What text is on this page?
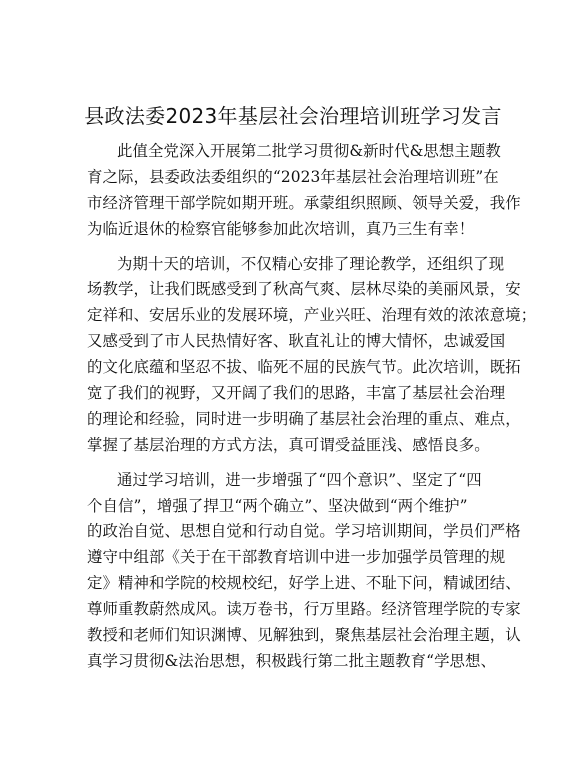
县政法委2023年基层社会治理培训班学习发言
此值全党深入开展第二批学习贯彻&新时代&思想主题教
育之际，县委政法委组织的“2023年基层社会治理培训班”在
市经济管理干部学院如期开班。承蒙组织照顾、领导关爱，我作
为临近退休的检察官能够参加此次培训，真乃三生有幸！
为期十天的培训，不仅精心安排了理论教学，还组织了现
场教学，让我们既感受到了秋高气爽、层林尽染的美丽风景，安
定祥和、安居乐业的发展环境，产业兴旺、治理有效的浓浓意境；
又感受到了市人民热情好客、耿直礼让的博大情怀，忠诚爱国
的文化底蕴和坚忍不拔、临死不屈的民族气节。此次培训，既拓
宽了我们的视野，又开阔了我们的思路，丰富了基层社会治理
的理论和经验，同时进一步明确了基层社会治理的重点、难点，
掌握了基层治理的方式方法，真可谓受益匪浅、感悟良多。
通过学习培训，进一步增强了“四个意识”、坚定了“四
个自信”，增强了捍卫“两个确立”、坚决做到“两个维护”
的政治自觉、思想自觉和行动自觉。学习培训期间，学员们严格
遵守中组部《关于在干部教育培训中进一步加强学员管理的规
定》精神和学院的校规校纪，好学上进、不耻下问，精诚团结、
尊师重教蔚然成风。读万卷书，行万里路。经济管理学院的专家
教授和老师们知识渊博、见解独到，聚焦基层社会治理主题，认
真学习贯彻&法治思想，积极践行第二批主题教育“学思想、
